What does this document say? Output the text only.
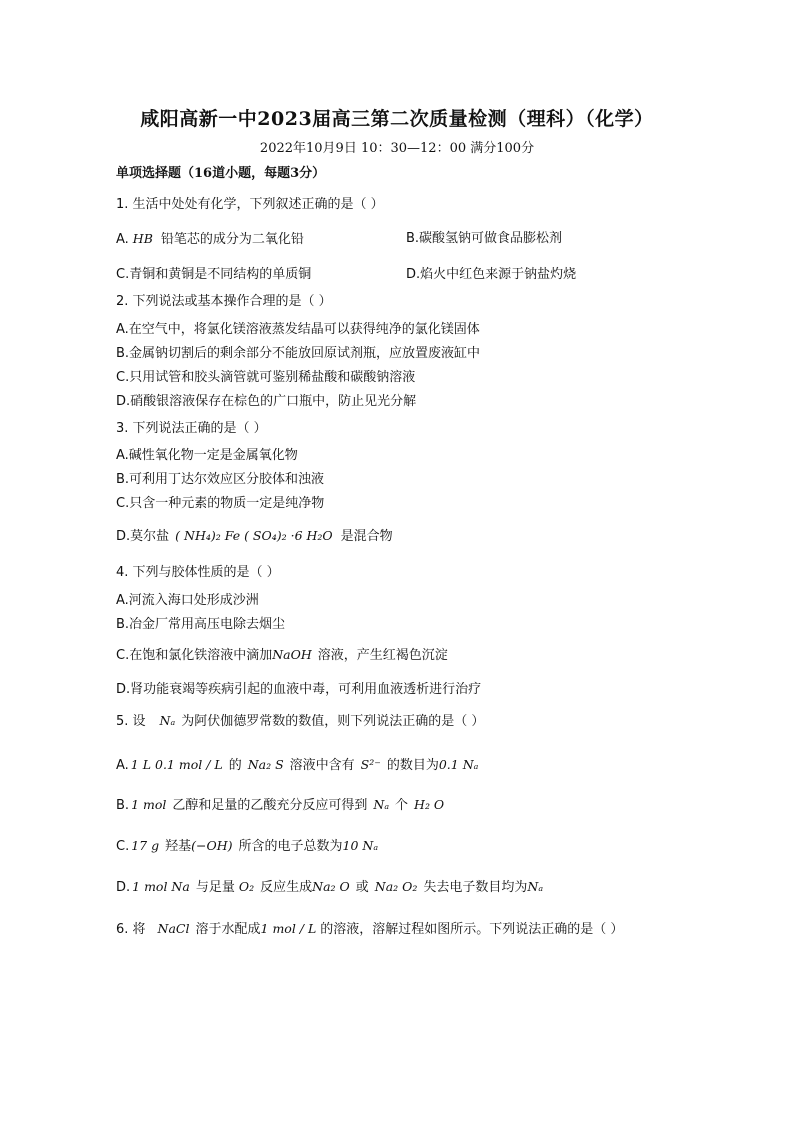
咸阳高新一中2023届高三第二次质量检测（理科）（化学）
2022年10月9日 10：30—12：00 满分100分
单项选择题（16道小题，每题3分）
1. 生活中处处有化学，下列叙述正确的是（ ）
A. HB 铅笔芯的成分为二氧化铅	B.碳酸氢钠可做食品膨松剂
C.青铜和黄铜是不同结构的单质铜	D.焰火中红色来源于钠盐灼烧
2. 下列说法或基本操作合理的是（ ）
A.在空气中，将氯化镁溶液蒸发结晶可以获得纯净的氯化镁固体
B.金属钠切割后的剩余部分不能放回原试剂瓶，应放置废液缸中
C.只用试管和胶头滴管就可鉴别稀盐酸和碳酸钠溶液
D.硝酸银溶液保存在棕色的广口瓶中，防止见光分解
3. 下列说法正确的是（ ）
A.碱性氧化物一定是金属氧化物
B.可利用丁达尔效应区分胶体和浊液
C.只含一种元素的物质一定是纯净物
D.莫尔盐 ( NH₄)₂ Fe ( SO₄)₂ ·6 H₂O 是混合物
4. 下列与胶体性质的是（ ）
A.河流入海口处形成沙洲
B.冶金厂常用高压电除去烟尘
C.在饱和氯化铁溶液中滴加NaOH 溶液，产生红褐色沉淀
D.肾功能衰竭等疾病引起的血液中毒，可利用血液透析进行治疗
5. 设 Nₐ 为阿伏伽德罗常数的数值，则下列说法正确的是（ ）
A. 1 L 0.1 mol / L 的 Na₂ S 溶液中含有 S²⁻ 的数目为0.1 Nₐ
B. 1 mol 乙醇和足量的乙酸充分反应可得到 Nₐ 个 H₂ O
C. 17 g 羟基(−OH) 所含的电子总数为10 Nₐ
D. 1 mol Na 与足量 O₂ 反应生成Na₂ O 或 Na₂ O₂ 失去电子数目均为Nₐ
6. 将 NaCl 溶于水配成1 mol / L 的溶液，溶解过程如图所示。下列说法正确的是（ ）
